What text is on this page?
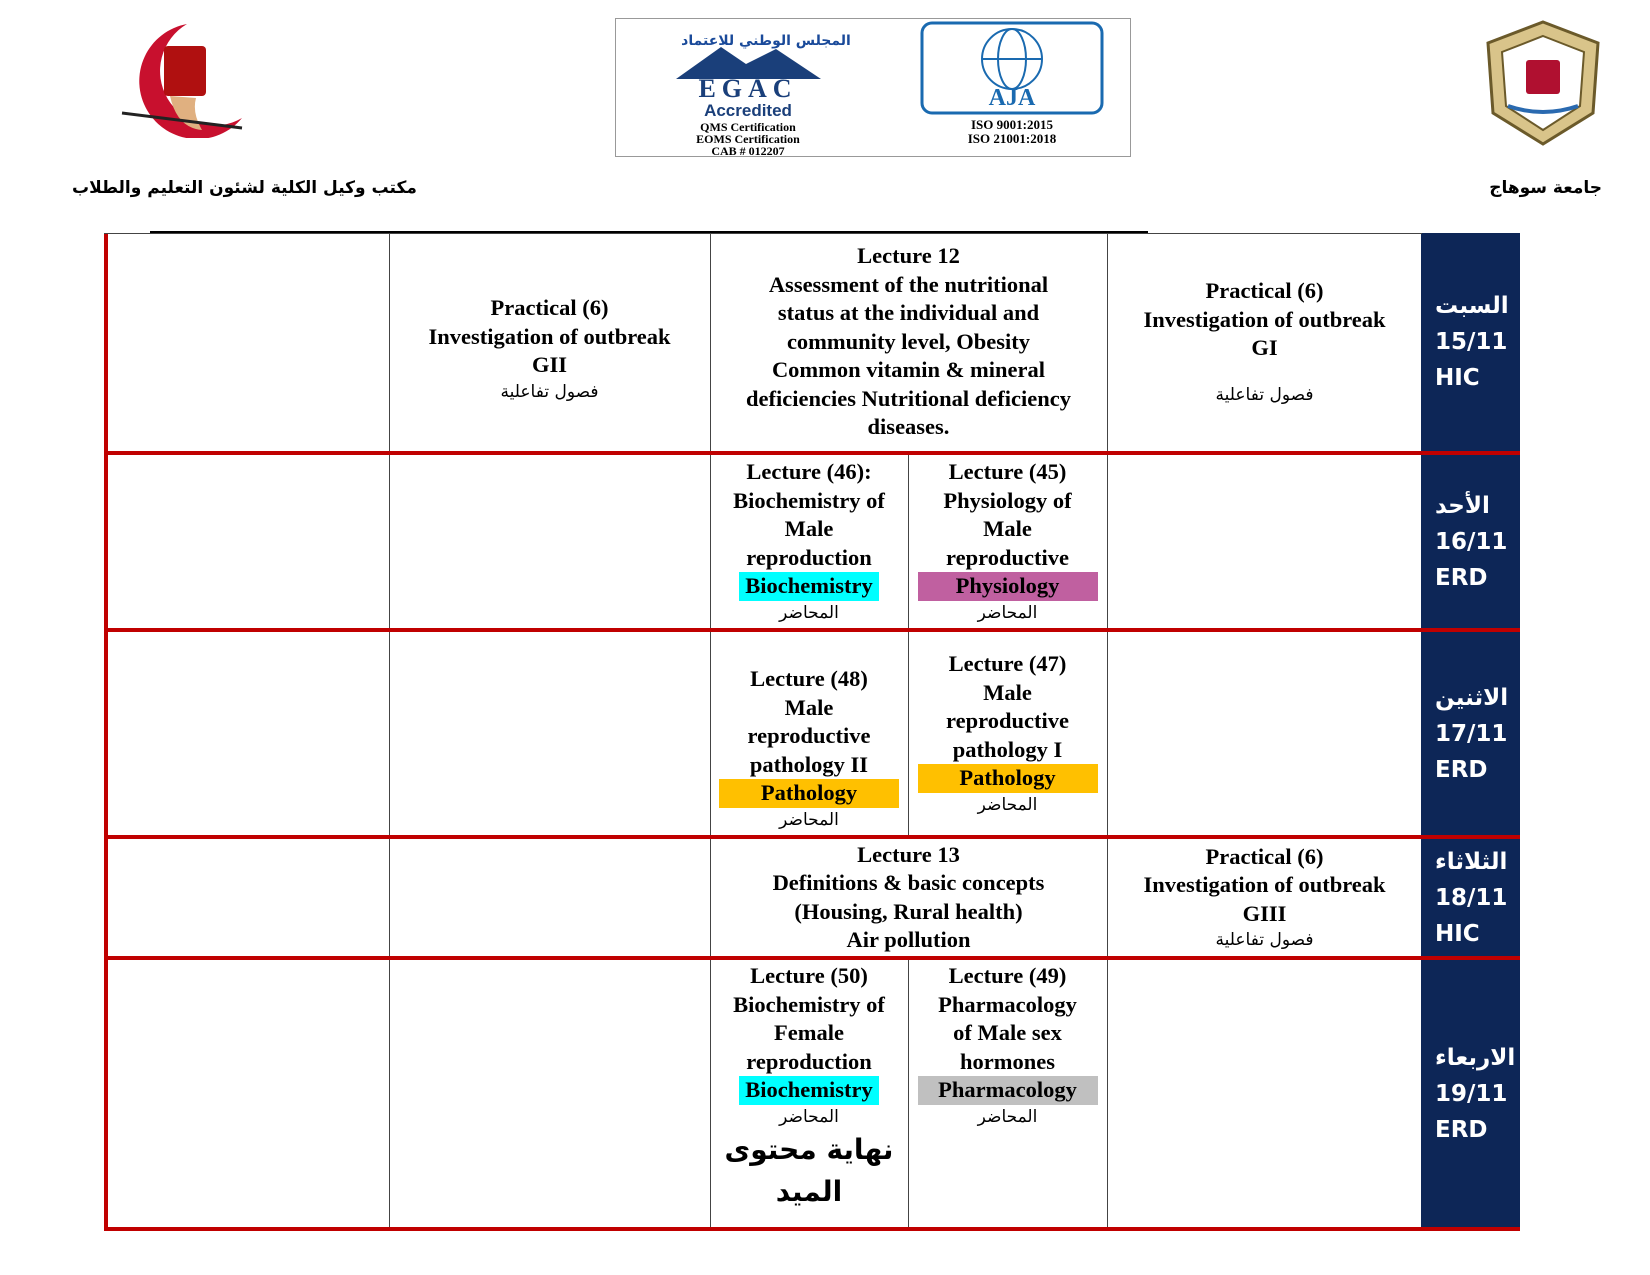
المجلس الوطني للاعتماد
EGAC
Accredited
QMS Certification
EOMS Certification
CAB # 012207
AJA
ISO 9001:2015
ISO 21001:2018
مكتب وكيل الكلية لشئون التعليم والطلاب	جامعة سوهاج
Practical (6)
Investigation of outbreak
GII
فصول تفاعلية
Lecture 12
Assessment of the nutritional
status at the individual and
community level, Obesity
Common vitamin & mineral
deficiencies Nutritional deficiency
diseases.
Practical (6)
Investigation of outbreak
GI
فصول تفاعلية
السبت
15/11
HIC
Lecture (46):
Biochemistry of
Male
reproduction
Biochemistry
المحاضر
Lecture (45)
Physiology of
Male
reproductive
Physiology
المحاضر
الأحد
16/11
ERD
Lecture (48)
Male
reproductive
pathology II
Pathology
المحاضر
Lecture (47)
Male
reproductive
pathology I
Pathology
المحاضر
الاثنين
17/11
ERD
Lecture 13
Definitions & basic concepts
(Housing, Rural health)
Air pollution
Practical (6)
Investigation of outbreak
GIII
فصول تفاعلية
الثلاثاء
18/11
HIC
Lecture (50)
Biochemistry of
Female
reproduction
Biochemistry
المحاضر
نهاية محتوى الميد
Lecture (49)
Pharmacology
of Male sex
hormones
Pharmacology
المحاضر
الاربعاء
19/11
ERD
